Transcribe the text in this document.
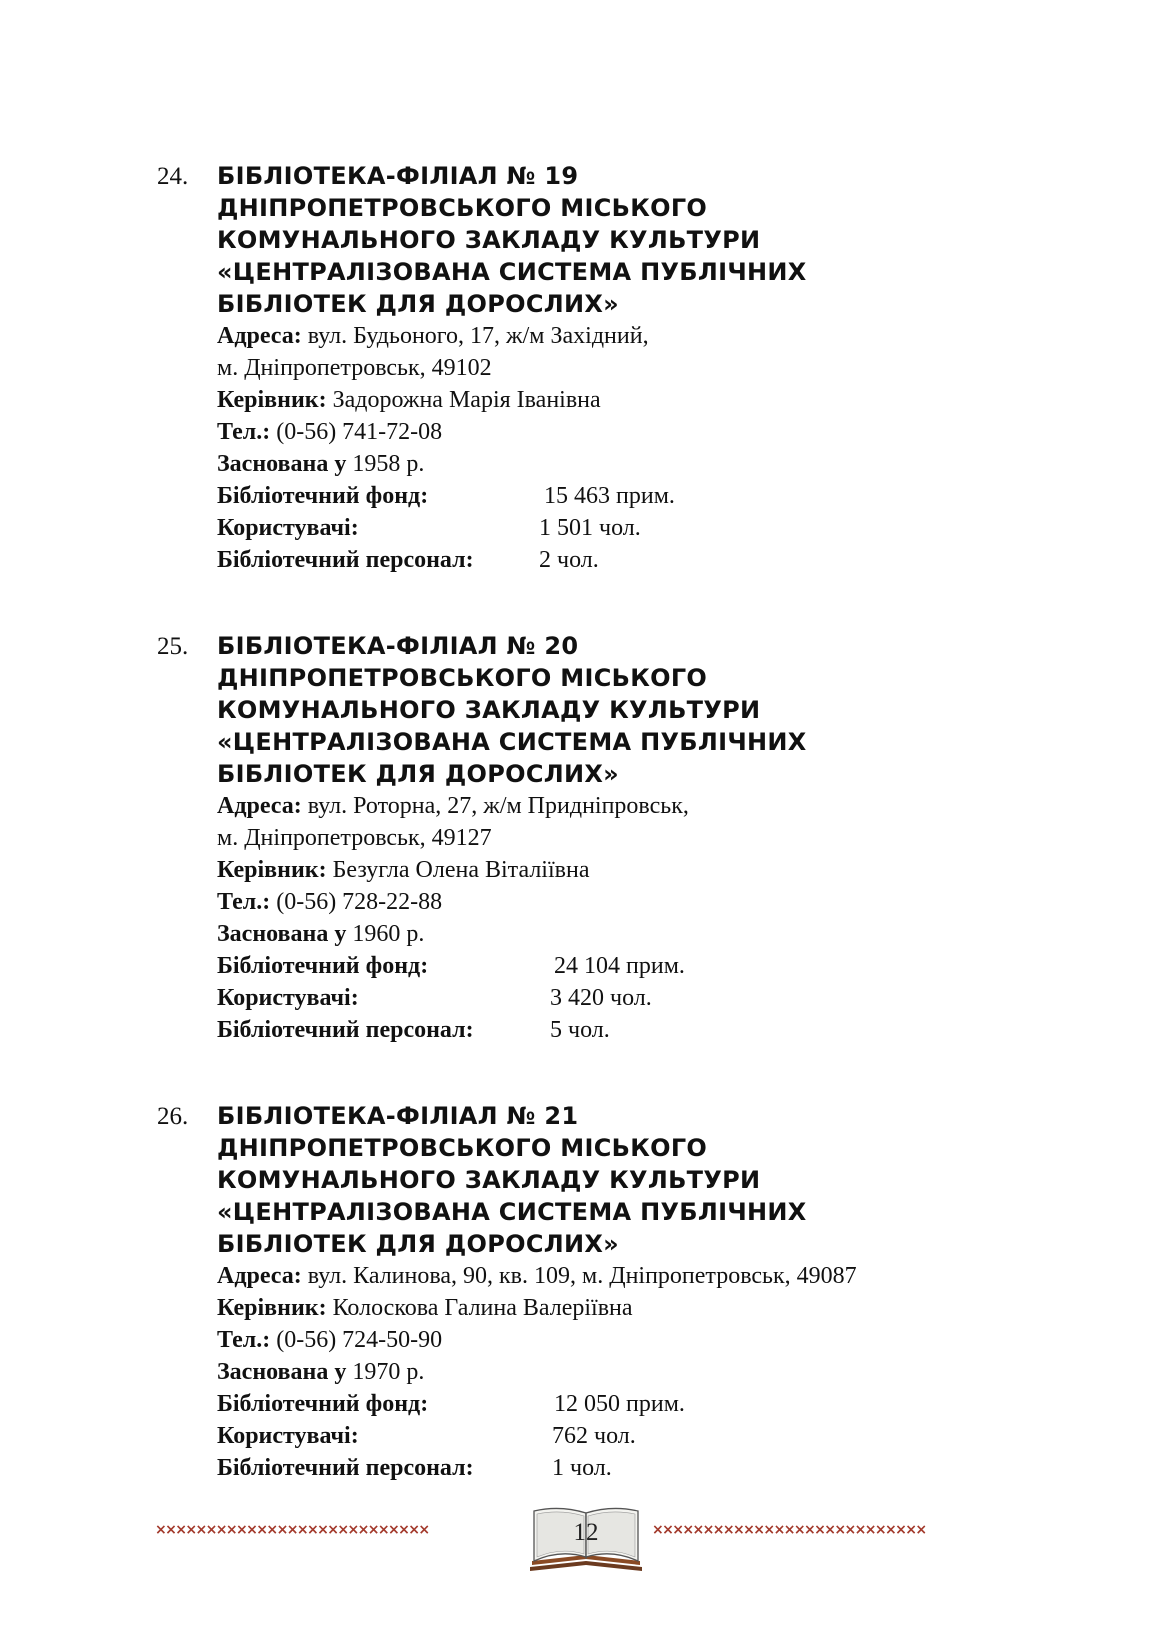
24. БІБЛІОТЕКА-ФІЛІАЛ № 19
ДНІПРОПЕТРОВСЬКОГО МІСЬКОГО
КОМУНАЛЬНОГО ЗАКЛАДУ КУЛЬТУРИ
«ЦЕНТРАЛІЗОВАНА СИСТЕМА ПУБЛІЧНИХ
БІБЛІОТЕК ДЛЯ ДОРОСЛИХ»
Адреса: вул. Будьоного, 17, ж/м Західний,
м. Дніпропетровськ, 49102
Керівник: Задорожна Марія Іванівна
Тел.: (0-56) 741-72-08
Заснована у 1958 р.
Бібліотечний фонд:	15 463 прим.
Користувачі:	1 501 чол.
Бібліотечний персонал:	2 чол.
25. БІБЛІОТЕКА-ФІЛІАЛ № 20
ДНІПРОПЕТРОВСЬКОГО МІСЬКОГО
КОМУНАЛЬНОГО ЗАКЛАДУ КУЛЬТУРИ
«ЦЕНТРАЛІЗОВАНА СИСТЕМА ПУБЛІЧНИХ
БІБЛІОТЕК ДЛЯ ДОРОСЛИХ»
Адреса: вул. Роторна, 27, ж/м Придніпровськ,
м. Дніпропетровськ, 49127
Керівник: Безугла Олена Віталіївна
Тел.: (0-56) 728-22-88
Заснована у 1960 р.
Бібліотечний фонд:	24 104 прим.
Користувачі:	3 420 чол.
Бібліотечний персонал:	5 чол.
26. БІБЛІОТЕКА-ФІЛІАЛ № 21
ДНІПРОПЕТРОВСЬКОГО МІСЬКОГО
КОМУНАЛЬНОГО ЗАКЛАДУ КУЛЬТУРИ
«ЦЕНТРАЛІЗОВАНА СИСТЕМА ПУБЛІЧНИХ
БІБЛІОТЕК ДЛЯ ДОРОСЛИХ»
Адреса: вул. Калинова, 90, кв. 109, м. Дніпропетровськ, 49087
Керівник: Колоскова Галина Валеріївна
Тел.: (0-56) 724-50-90
Заснована у 1970 р.
Бібліотечний фонд:	12 050 прим.
Користувачі:	762 чол.
Бібліотечний персонал:	1 чол.
×××××××××××××××××××××××××××	12	×××××××××××××××××××××××××××
